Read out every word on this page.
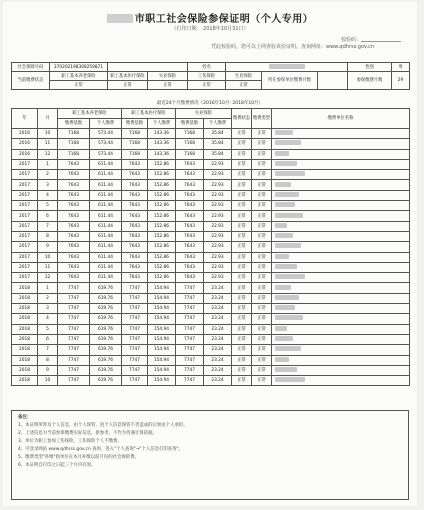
市职工社会保险参保证明（个人专用）
（打印日期： 2018年10月31日）
校验码：
凭此校验码，您可以上网查验该份证明。查询网址：www.qdhrss.gov.cn
社会保障号码	370202198308259871			姓名				性别	男
当前缴费状态	职工基本养老保险	职工基本医疗保险	失业保险	工伤保险	生育保险	所在参保单位缴费月数		参保缴费月数	29
	正常	正常	正常	正常	正常				
最近24个月缴费情况（2016年10月- 2018年10月）
年	月	职工基本养老保险		职工基本医疗保险		失业保险		缴费状态	缴费类型	缴费单位名称
		缴费基数	个人缴费	缴费基数	个人缴费	缴费基数	个人缴费			
2016	10	7168	573.44	7168	143.36	7168	35.84	正常	正常	
2016	11	7168	573.44	7168	143.36	7168	35.84	正常	正常	
2016	12	7168	573.44	7168	143.36	7168	35.84	正常	正常	
2017	1	7643	611.44	7643	152.86	7643	22.93	正常	正常	
2017	2	7643	611.44	7643	152.86	7643	22.93	正常	正常	
2017	3	7643	611.44	7643	152.86	7643	22.93	正常	正常	
2017	4	7643	611.44	7643	152.86	7643	22.93	正常	正常	
2017	5	7643	611.44	7643	152.86	7643	22.93	正常	正常	
2017	6	7643	611.44	7643	152.86	7643	22.93	正常	正常	
2017	7	7643	611.44	7643	152.86	7643	22.93	正常	正常	
2017	8	7643	611.44	7643	152.86	7643	22.93	正常	正常	
2017	9	7643	611.44	7643	152.86	7643	22.93	正常	正常	
2017	10	7643	611.44	7643	152.86	7643	22.93	正常	正常	
2017	11	7643	611.44	7643	152.86	7643	22.93	正常	正常	
2017	12	7643	611.44	7643	152.86	7643	22.93	正常	正常	
2018	1	7747	619.76	7747	154.94	7747	23.24	正常	正常	
2018	2	7747	619.76	7747	154.94	7747	23.24	正常	正常	
2018	3	7747	619.76	7747	154.94	7747	23.24	正常	正常	
2018	4	7747	619.76	7747	154.94	7747	23.24	正常	正常	
2018	5	7747	619.76	7747	154.94	7747	23.24	正常	正常	
2018	6	7747	619.76	7747	154.94	7747	23.24	正常	正常	
2018	7	7747	619.76	7747	154.94	7747	23.24	正常	正常	
2018	8	7747	619.76	7747	154.94	7747	23.24	正常	正常	
2018	9	7747	619.76	7747	154.94	7747	23.24	正常	正常	
2018	10	7747	619.76	7747	154.94	7747	23.24	正常	正常	
备注：
1、本证明所涉及个人信息，由个人保管，因个人信息保管不善造成的后果由个人承担。
2、上述信息为当前参保缴费实际信息，供参考，不作为待遇计算依据。
3、单位为职工参加工伤保险，工伤保险个人不缴费。
4、可登录网站 www.qdhrss.gov.cn 查询，进入"个人查询"→"个人信息打印查询"。
5、缴费类型"补缴"指单位在本月补缴以前月份的社会保险费。
6、本证明自打印之日起三个月内有效。
